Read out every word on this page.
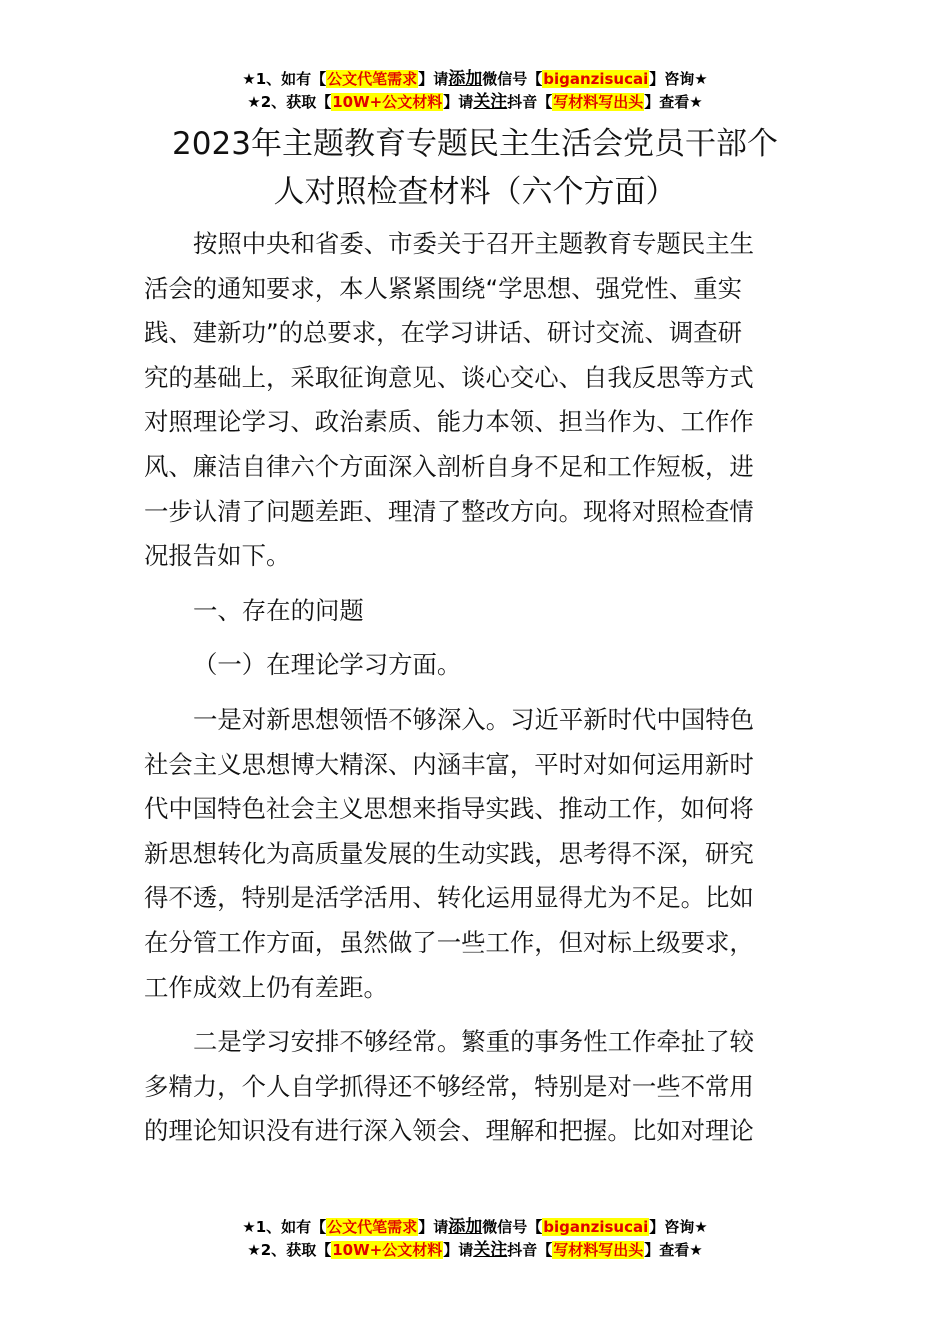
★1、如有【公文代笔需求】请添加微信号【biganzisucai】咨询★
★2、获取【10W+公文材料】请关注抖音【写材料写出头】查看★
2023年主题教育专题民主生活会党员干部个
人对照检查材料（六个方面）
按照中央和省委、市委关于召开主题教育专题民主生
活会的通知要求，本人紧紧围绕“学思想、强党性、重实
践、建新功”的总要求，在学习讲话、研讨交流、调查研
究的基础上，采取征询意见、谈心交心、自我反思等方式
对照理论学习、政治素质、能力本领、担当作为、工作作
风、廉洁自律六个方面深入剖析自身不足和工作短板，进
一步认清了问题差距、理清了整改方向。现将对照检查情
况报告如下。
一、存在的问题
（一）在理论学习方面。
一是对新思想领悟不够深入。习近平新时代中国特色
社会主义思想博大精深、内涵丰富，平时对如何运用新时
代中国特色社会主义思想来指导实践、推动工作，如何将
新思想转化为高质量发展的生动实践，思考得不深，研究
得不透，特别是活学活用、转化运用显得尤为不足。比如
在分管工作方面，虽然做了一些工作，但对标上级要求，
工作成效上仍有差距。
二是学习安排不够经常。繁重的事务性工作牵扯了较
多精力，个人自学抓得还不够经常，特别是对一些不常用
的理论知识没有进行深入领会、理解和把握。比如对理论
★1、如有【公文代笔需求】请添加微信号【biganzisucai】咨询★
★2、获取【10W+公文材料】请关注抖音【写材料写出头】查看★
